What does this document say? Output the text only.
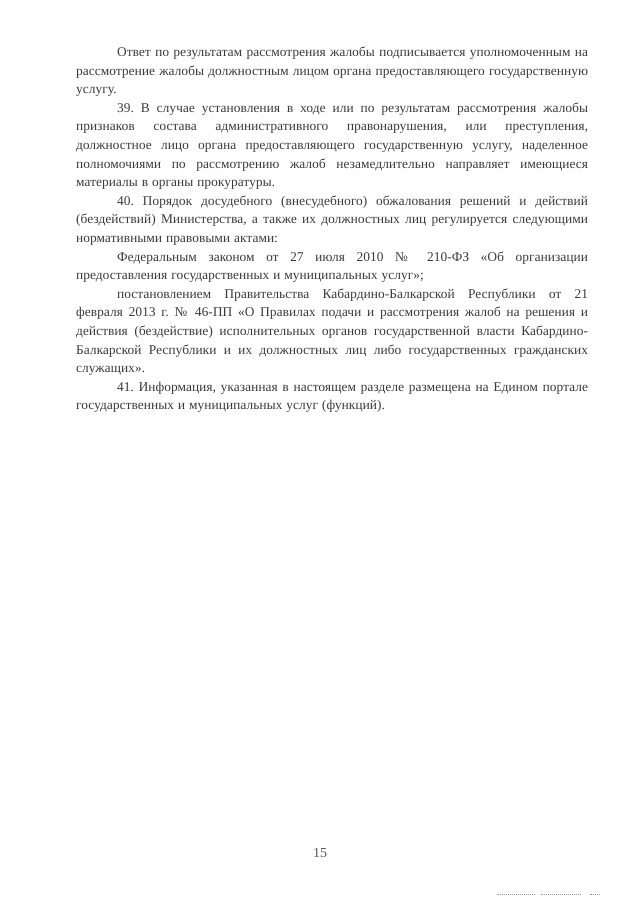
Ответ по результатам рассмотрения жалобы подписывается уполномоченным на рассмотрение жалобы должностным лицом органа предоставляющего государственную услугу.

39. В случае установления в ходе или по результатам рассмотрения жалобы признаков состава административного правонарушения, или преступления, должностное лицо органа предоставляющего государственную услугу, наделенное полномочиями по рассмотрению жалоб незамедлительно направляет имеющиеся материалы в органы прокуратуры.

40. Порядок досудебного (внесудебного) обжалования решений и действий (бездействий) Министерства, а также их должностных лиц регулируется следующими нормативными правовыми актами:

Федеральным законом от 27 июля 2010 № 210-ФЗ «Об организации предоставления государственных и муниципальных услуг»;

постановлением Правительства Кабардино-Балкарской Республики от 21 февраля 2013 г. № 46-ПП «О Правилах подачи и рассмотрения жалоб на решения и действия (бездействие) исполнительных органов государственной власти Кабардино-Балкарской Республики и их должностных лиц либо государственных гражданских служащих».

41. Информация, указанная в настоящем разделе размещена на Едином портале государственных и муниципальных услуг (функций).

15
